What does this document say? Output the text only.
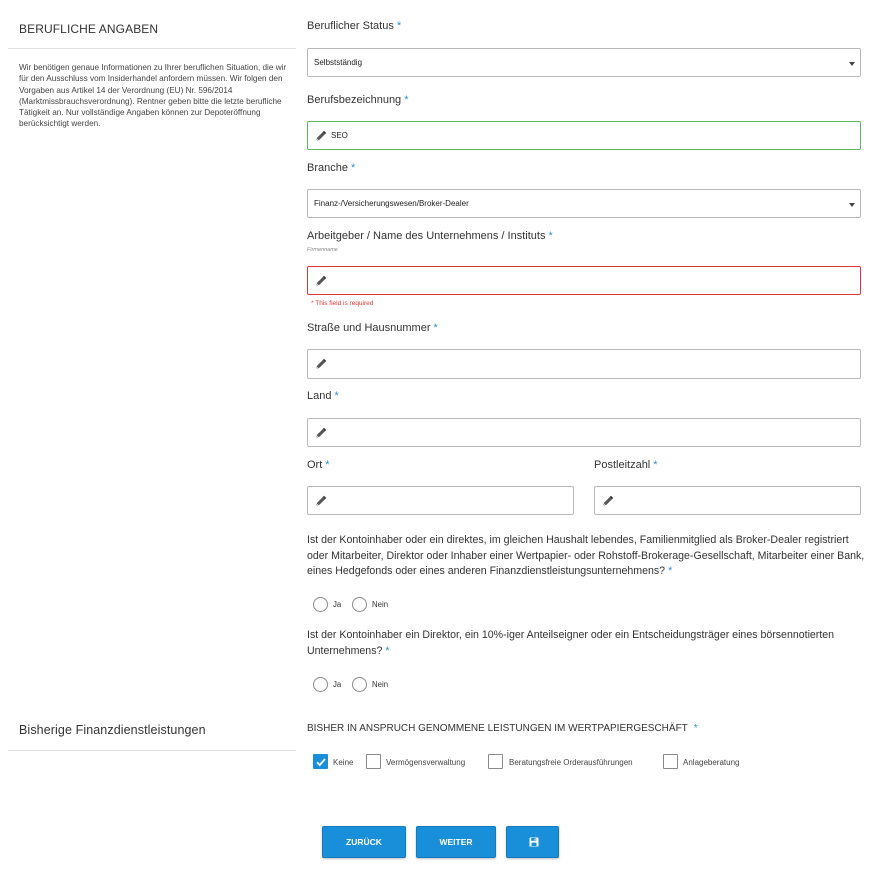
BERUFLICHE ANGABEN
Wir benötigen genaue Informationen zu Ihrer beruflichen Situation, die wir für den Ausschluss vom Insiderhandel anfordern müssen. Wir folgen den Vorgaben aus Artikel 14 der Verordnung (EU) Nr. 596/2014 (Marktmissbrauchsverordnung). Rentner geben bitte die letzte berufliche Tätigkeit an. Nur vollständige Angaben können zur Depoteröffnung berücksichtigt werden.
Bisherige Finanzdienstleistungen
Beruflicher Status *
Selbstständig
Berufsbezeichnung *
SEO
Branche *
Finanz-/Versicherungswesen/Broker-Dealer
Arbeitgeber / Name des Unternehmens / Instituts *
Firmenname
* This field is required
Straße und Hausnummer *
Land *
Ort *	Postleitzahl *
Ist der Kontoinhaber oder ein direktes, im gleichen Haushalt lebendes, Familienmitglied als Broker-Dealer registriert oder Mitarbeiter, Direktor oder Inhaber einer Wertpapier- oder Rohstoff-Brokerage-Gesellschaft, Mitarbeiter einer Bank, eines Hedgefonds oder eines anderen Finanzdienstleistungsunternehmens? *
Ja	Nein
Ist der Kontoinhaber ein Direktor, ein 10%-iger Anteilseigner oder ein Entscheidungsträger eines börsennotierten Unternehmens? *
Ja	Nein
BISHER IN ANSPRUCH GENOMMENE LEISTUNGEN IM WERTPAPIERGESCHÄFT *
Keine	Vermögensverwaltung	Beratungsfreie Orderausführungen	Anlageberatung
ZURÜCK	WEITER
